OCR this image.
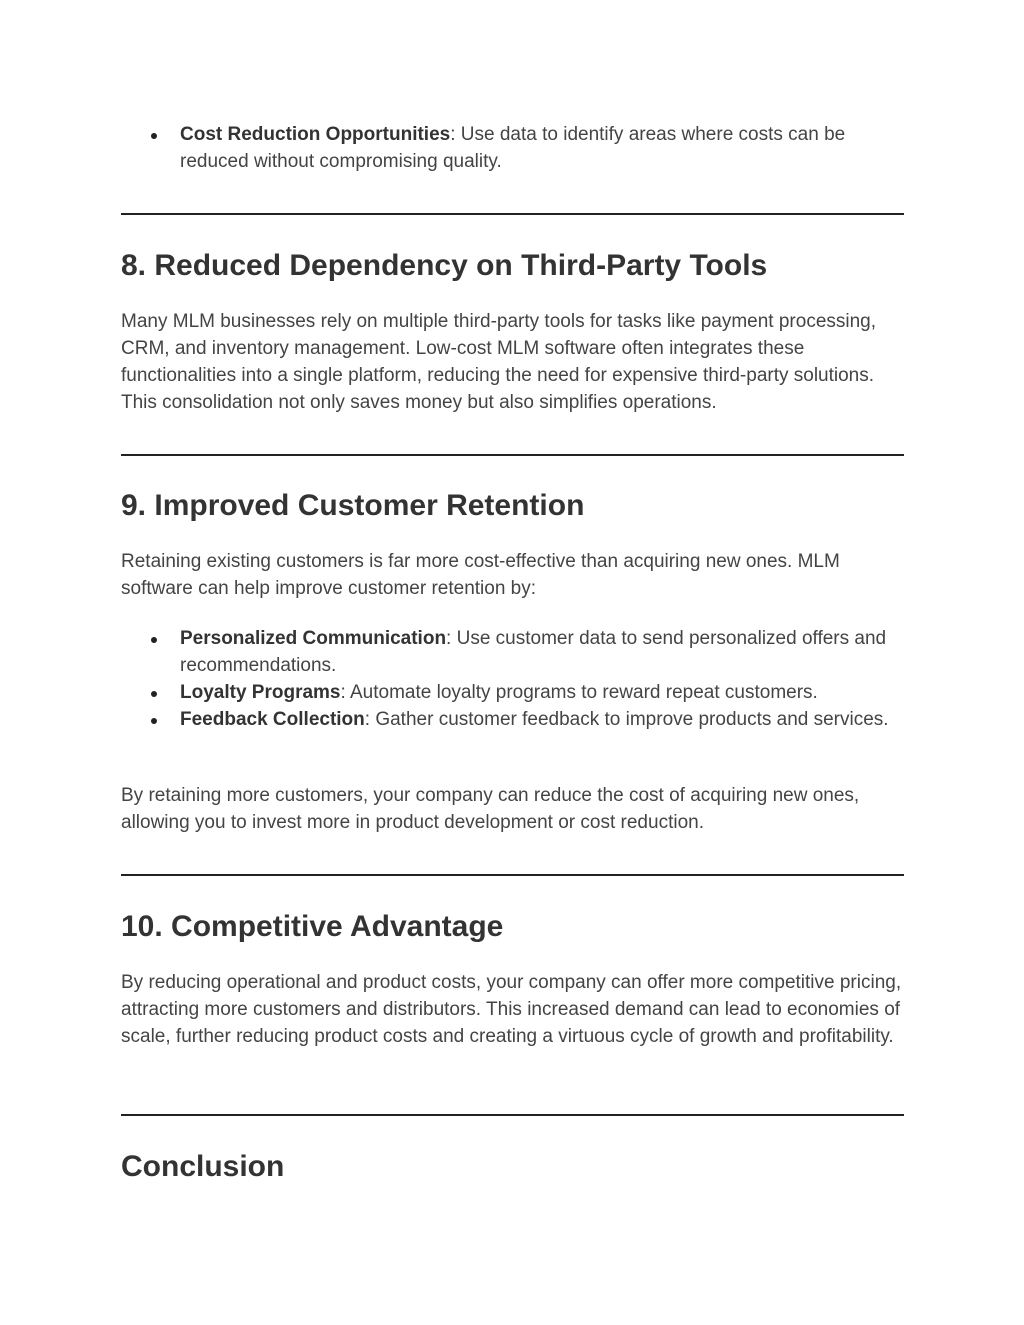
Cost Reduction Opportunities: Use data to identify areas where costs can be reduced without compromising quality.
8. Reduced Dependency on Third-Party Tools

Many MLM businesses rely on multiple third-party tools for tasks like payment processing, CRM, and inventory management. Low-cost MLM software often integrates these functionalities into a single platform, reducing the need for expensive third-party solutions. This consolidation not only saves money but also simplifies operations.

9. Improved Customer Retention

Retaining existing customers is far more cost-effective than acquiring new ones. MLM software can help improve customer retention by:

Personalized Communication: Use customer data to send personalized offers and recommendations.
Loyalty Programs: Automate loyalty programs to reward repeat customers.
Feedback Collection: Gather customer feedback to improve products and services.

By retaining more customers, your company can reduce the cost of acquiring new ones, allowing you to invest more in product development or cost reduction.

10. Competitive Advantage

By reducing operational and product costs, your company can offer more competitive pricing, attracting more customers and distributors. This increased demand can lead to economies of scale, further reducing product costs and creating a virtuous cycle of growth and profitability.

Conclusion
